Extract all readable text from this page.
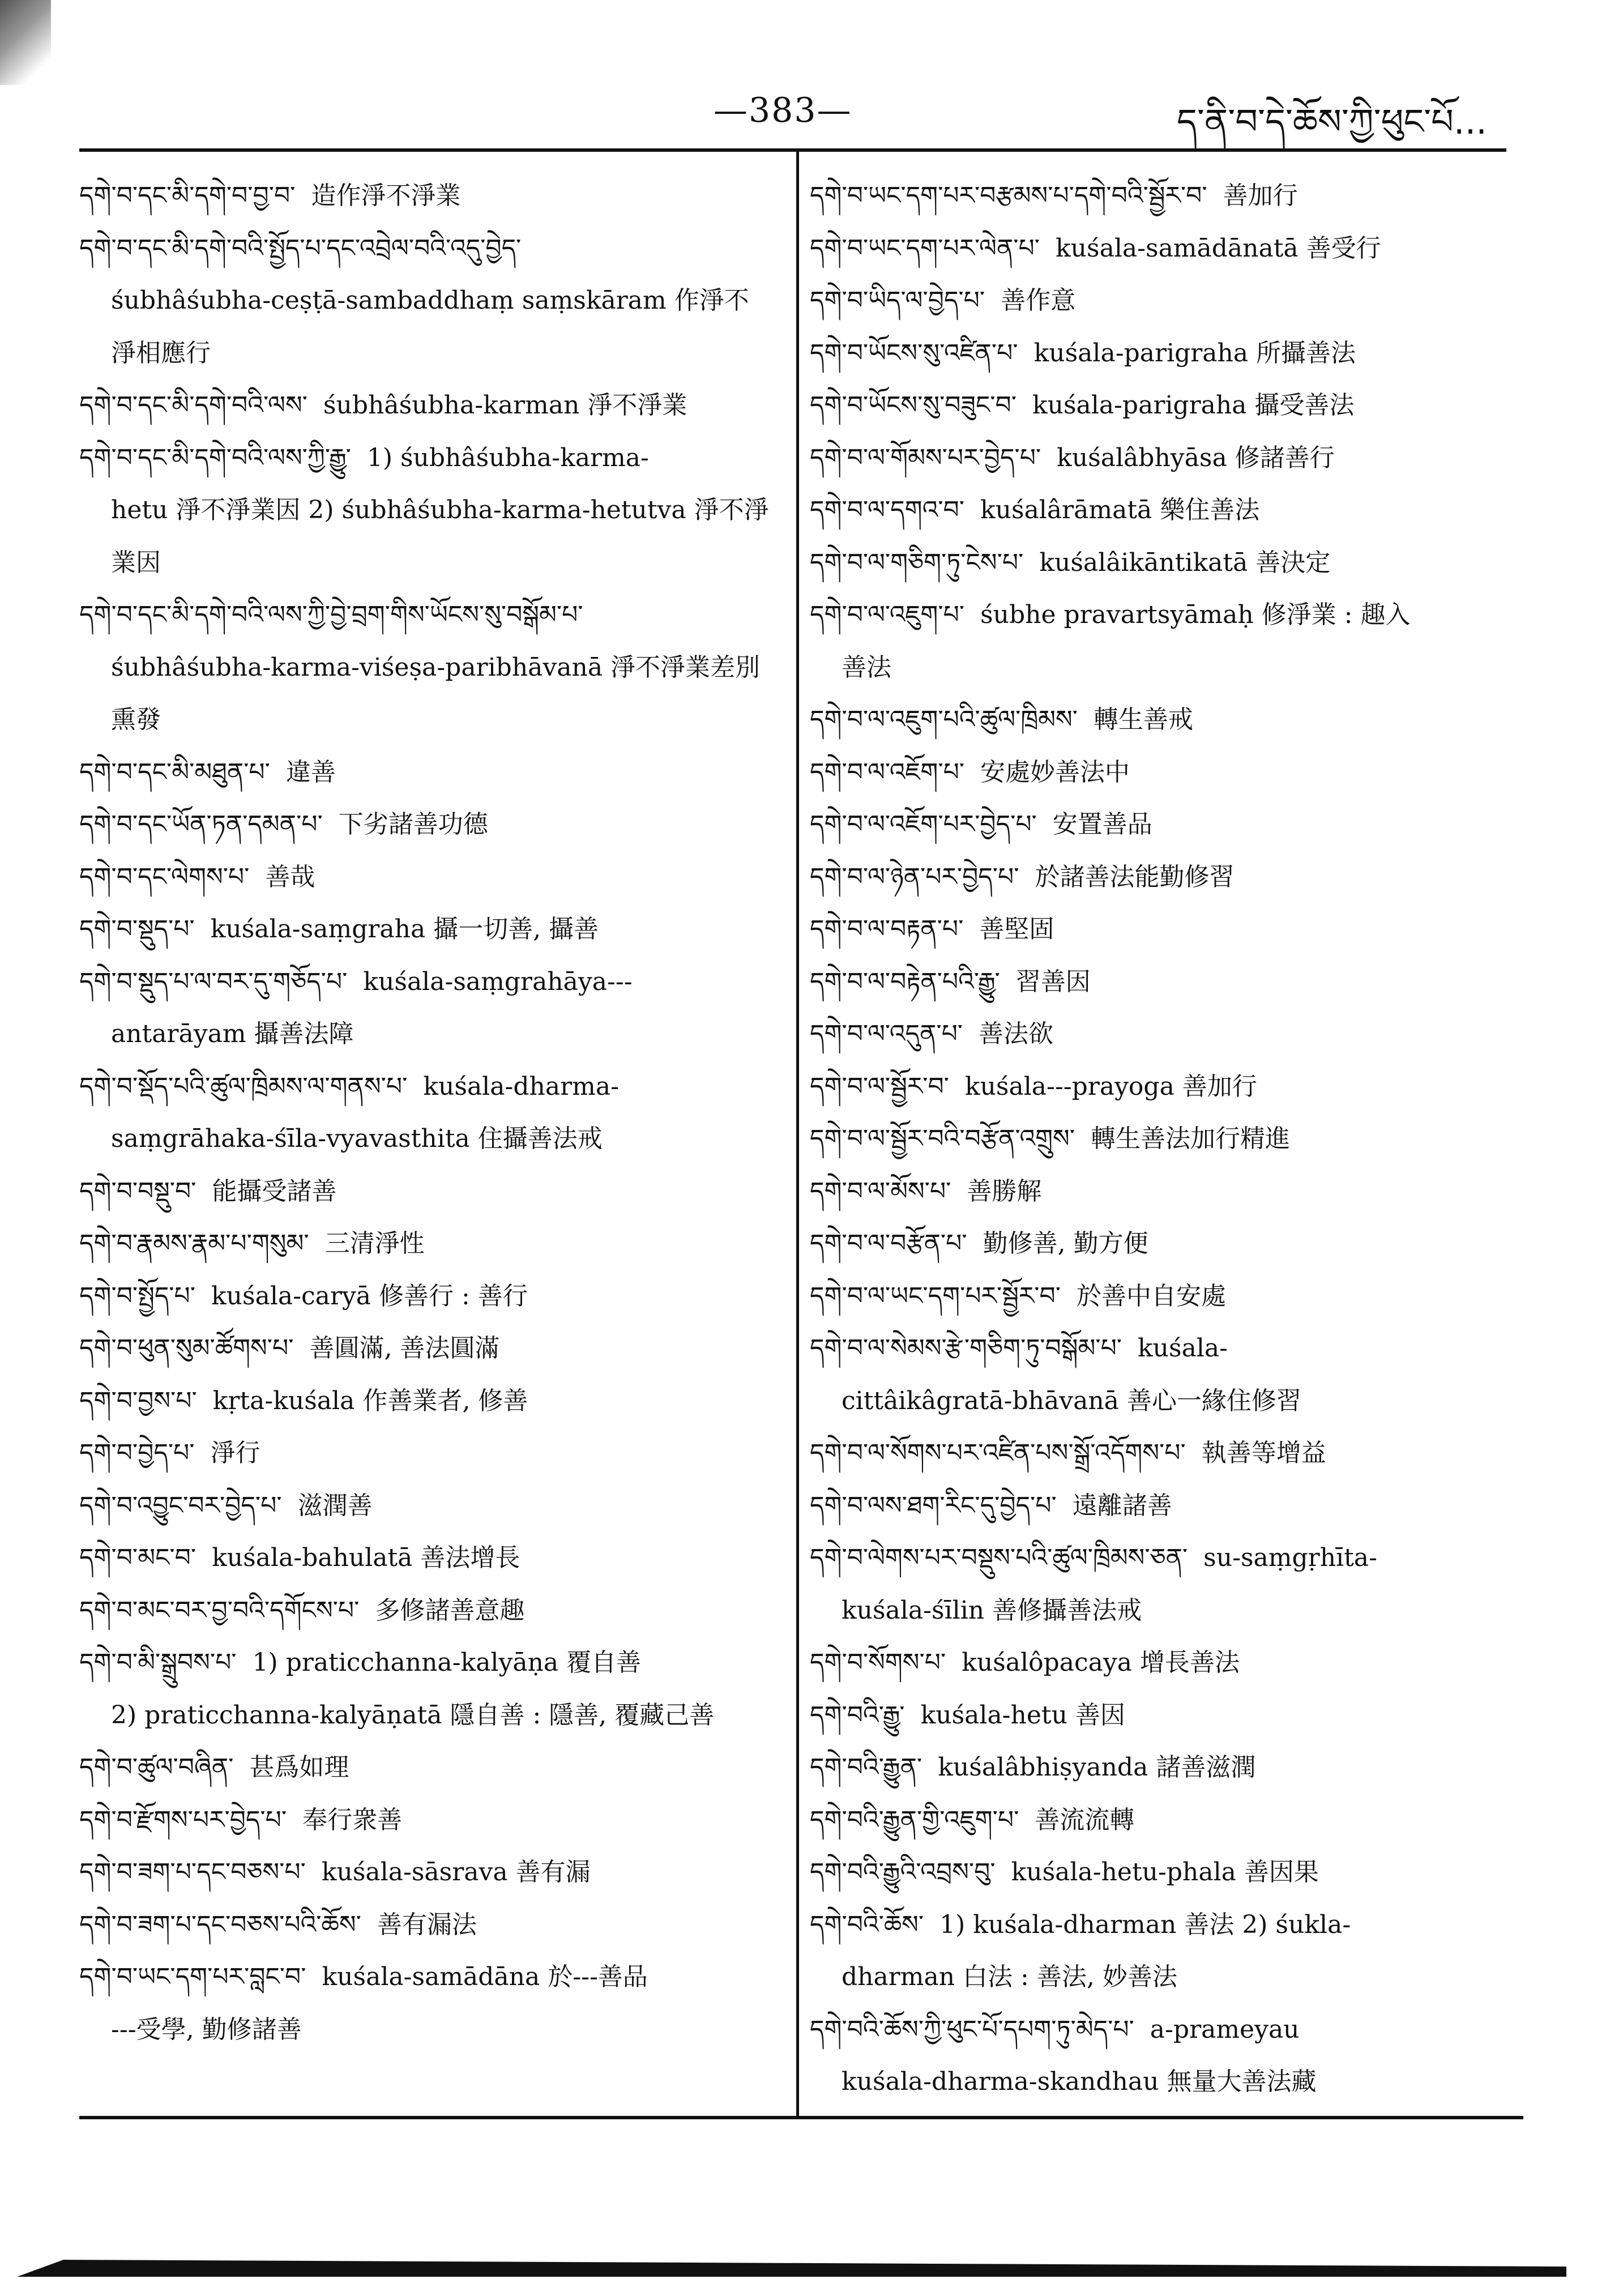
—383—	ད་ནི་བ་དེ་ཆོས་ཀྱི་ཕུང་པོ...
དགེ་བ་དང་མི་དགེ་བ་བྱ་བ་ 造作淨不淨業
དགེ་བ་དང་མི་དགེ་བའི་སྤྱོད་པ་དང་འབྲེལ་བའི་འདུ་བྱེད་
śubhâśubha-ceṣṭā-sambaddhaṃ saṃskāram 作淨不淨相應行
དགེ་བ་དང་མི་དགེ་བའི་ལས་ śubhâśubha-karman 淨不淨業
དགེ་བ་དང་མི་དགེ་བའི་ལས་ཀྱི་རྒྱུ་ 1) śubhâśubha-karma-
hetu 淨不淨業因 2) śubhâśubha-karma-hetutva 淨不淨業因
དགེ་བ་དང་མི་དགེ་བའི་ལས་ཀྱི་བྱེ་བྲག་གིས་ཡོངས་སུ་བསྒོམ་པ་
śubhâśubha-karma-viśeṣa-paribhāvanā 淨不淨業差別熏發
དགེ་བ་དང་མི་མཐུན་པ་ 違善
དགེ་བ་དང་ཡོན་ཏན་དམན་པ་ 下劣諸善功德
དགེ་བ་དང་ལེགས་པ་ 善哉
དགེ་བ་སྡུད་པ་ kuśala-saṃgraha 攝一切善, 攝善
དགེ་བ་སྡུད་པ་ལ་བར་དུ་གཅོད་པ་ kuśala-saṃgrahāya---
antarāyam 攝善法障
དགེ་བ་སྡོད་པའི་ཚུལ་ཁྲིམས་ལ་གནས་པ་ kuśala-dharma-
saṃgrāhaka-śīla-vyavasthita 住攝善法戒
དགེ་བ་བསྡུ་བ་ 能攝受諸善
དགེ་བ་རྣམས་རྣམ་པ་གསུམ་ 三清淨性
དགེ་བ་སྤྱོད་པ་ kuśala-caryā 修善行 : 善行
དགེ་བ་ཕུན་སུམ་ཚོགས་པ་ 善圓滿, 善法圓滿
དགེ་བ་བྱས་པ་ kṛta-kuśala 作善業者, 修善
དགེ་བ་བྱེད་པ་ 淨行
དགེ་བ་འབྱུང་བར་བྱེད་པ་ 滋潤善
དགེ་བ་མང་བ་ kuśala-bahulatā 善法增長
དགེ་བ་མང་བར་བྱ་བའི་དགོངས་པ་ 多修諸善意趣
དགེ་བ་མི་སྒྲུབས་པ་ 1) praticchanna-kalyāṇa 覆自善
2) praticchanna-kalyāṇatā 隱自善 : 隱善, 覆藏己善
དགེ་བ་ཚུལ་བཞིན་ 甚爲如理
དགེ་བ་རྫོགས་པར་བྱེད་པ་ 奉行衆善
དགེ་བ་ཟག་པ་དང་བཅས་པ་ kuśala-sāsrava 善有漏
དགེ་བ་ཟག་པ་དང་བཅས་པའི་ཆོས་ 善有漏法
དགེ་བ་ཡང་དག་པར་བླང་བ་ kuśala-samādāna 於---善品
---受學, 勤修諸善
དགེ་བ་ཡང་དག་པར་བརྩམས་པ་དགེ་བའི་སྦྱོར་བ་ 善加行
དགེ་བ་ཡང་དག་པར་ལེན་པ་ kuśala-samādānatā 善受行
དགེ་བ་ཡིད་ལ་བྱེད་པ་ 善作意
དགེ་བ་ཡོངས་སུ་འཛིན་པ་ kuśala-parigraha 所攝善法
དགེ་བ་ཡོངས་སུ་བཟུང་བ་ kuśala-parigraha 攝受善法
དགེ་བ་ལ་གོམས་པར་བྱེད་པ་ kuśalâbhyāsa 修諸善行
དགེ་བ་ལ་དགའ་བ་ kuśalârāmatā 樂住善法
དགེ་བ་ལ་གཅིག་ཏུ་ངེས་པ་ kuśalâikāntikatā 善決定
དགེ་བ་ལ་འཇུག་པ་ śubhe pravartsyāmaḥ 修淨業 : 趣入
善法
དགེ་བ་ལ་འཇུག་པའི་ཚུལ་ཁྲིམས་ 轉生善戒
དགེ་བ་ལ་འཇོག་པ་ 安處妙善法中
དགེ་བ་ལ་འཇོག་པར་བྱེད་པ་ 安置善品
དགེ་བ་ལ་ཉེན་པར་བྱེད་པ་ 於諸善法能勤修習
དགེ་བ་ལ་བརྟན་པ་ 善堅固
དགེ་བ་ལ་བརྟེན་པའི་རྒྱུ་ 習善因
དགེ་བ་ལ་འདུན་པ་ 善法欲
དགེ་བ་ལ་སྦྱོར་བ་ kuśala---prayoga 善加行
དགེ་བ་ལ་སྦྱོར་བའི་བརྩོན་འགྲུས་ 轉生善法加行精進
དགེ་བ་ལ་མོས་པ་ 善勝解
དགེ་བ་ལ་བརྩོན་པ་ 勤修善, 勤方便
དགེ་བ་ལ་ཡང་དག་པར་སྦྱོར་བ་ 於善中自安處
དགེ་བ་ལ་སེམས་རྩེ་གཅིག་ཏུ་བསྒོམ་པ་ kuśala-
cittâikâgratā-bhāvanā 善心一緣住修習
དགེ་བ་ལ་སོགས་པར་འཛིན་པས་སྒྲོ་འདོགས་པ་ 執善等增益
དགེ་བ་ལས་ཐག་རིང་དུ་བྱེད་པ་ 遠離諸善
དགེ་བ་ལེགས་པར་བསྡུས་པའི་ཚུལ་ཁྲིམས་ཅན་ su-saṃgṛhīta-
kuśala-śīlin 善修攝善法戒
དགེ་བ་སོགས་པ་ kuśalôpacaya 增長善法
དགེ་བའི་རྒྱུ་ kuśala-hetu 善因
དགེ་བའི་རྒྱུན་ kuśalâbhiṣyanda 諸善滋潤
དགེ་བའི་རྒྱུན་གྱི་འཇུག་པ་ 善流流轉
དགེ་བའི་རྒྱུའི་འབྲས་བུ་ kuśala-hetu-phala 善因果
དགེ་བའི་ཆོས་ 1) kuśala-dharman 善法 2) śukla-
dharman 白法 : 善法, 妙善法
དགེ་བའི་ཆོས་ཀྱི་ཕུང་པོ་དཔག་ཏུ་མེད་པ་ a-prameyau
kuśala-dharma-skandhau 無量大善法藏
